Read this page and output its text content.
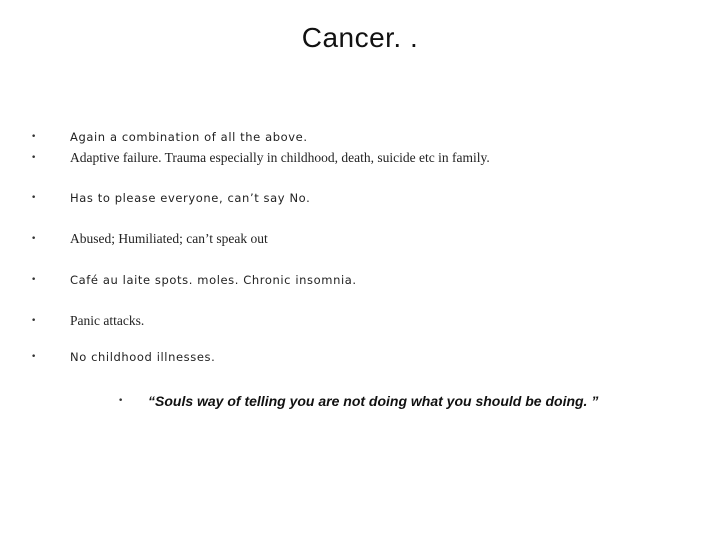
Cancer. .
•	Again a combination of all the above.
• Adaptive failure. Trauma especially in childhood, death, suicide etc in family.
•	Has to please everyone, can’t say No.
• Abused; Humiliated; can’t speak out
•	Café au laite spots. moles. Chronic insomnia.
• Panic attacks.
•	No childhood illnesses.
• “Souls way of telling you are not doing what you should be doing. ”
